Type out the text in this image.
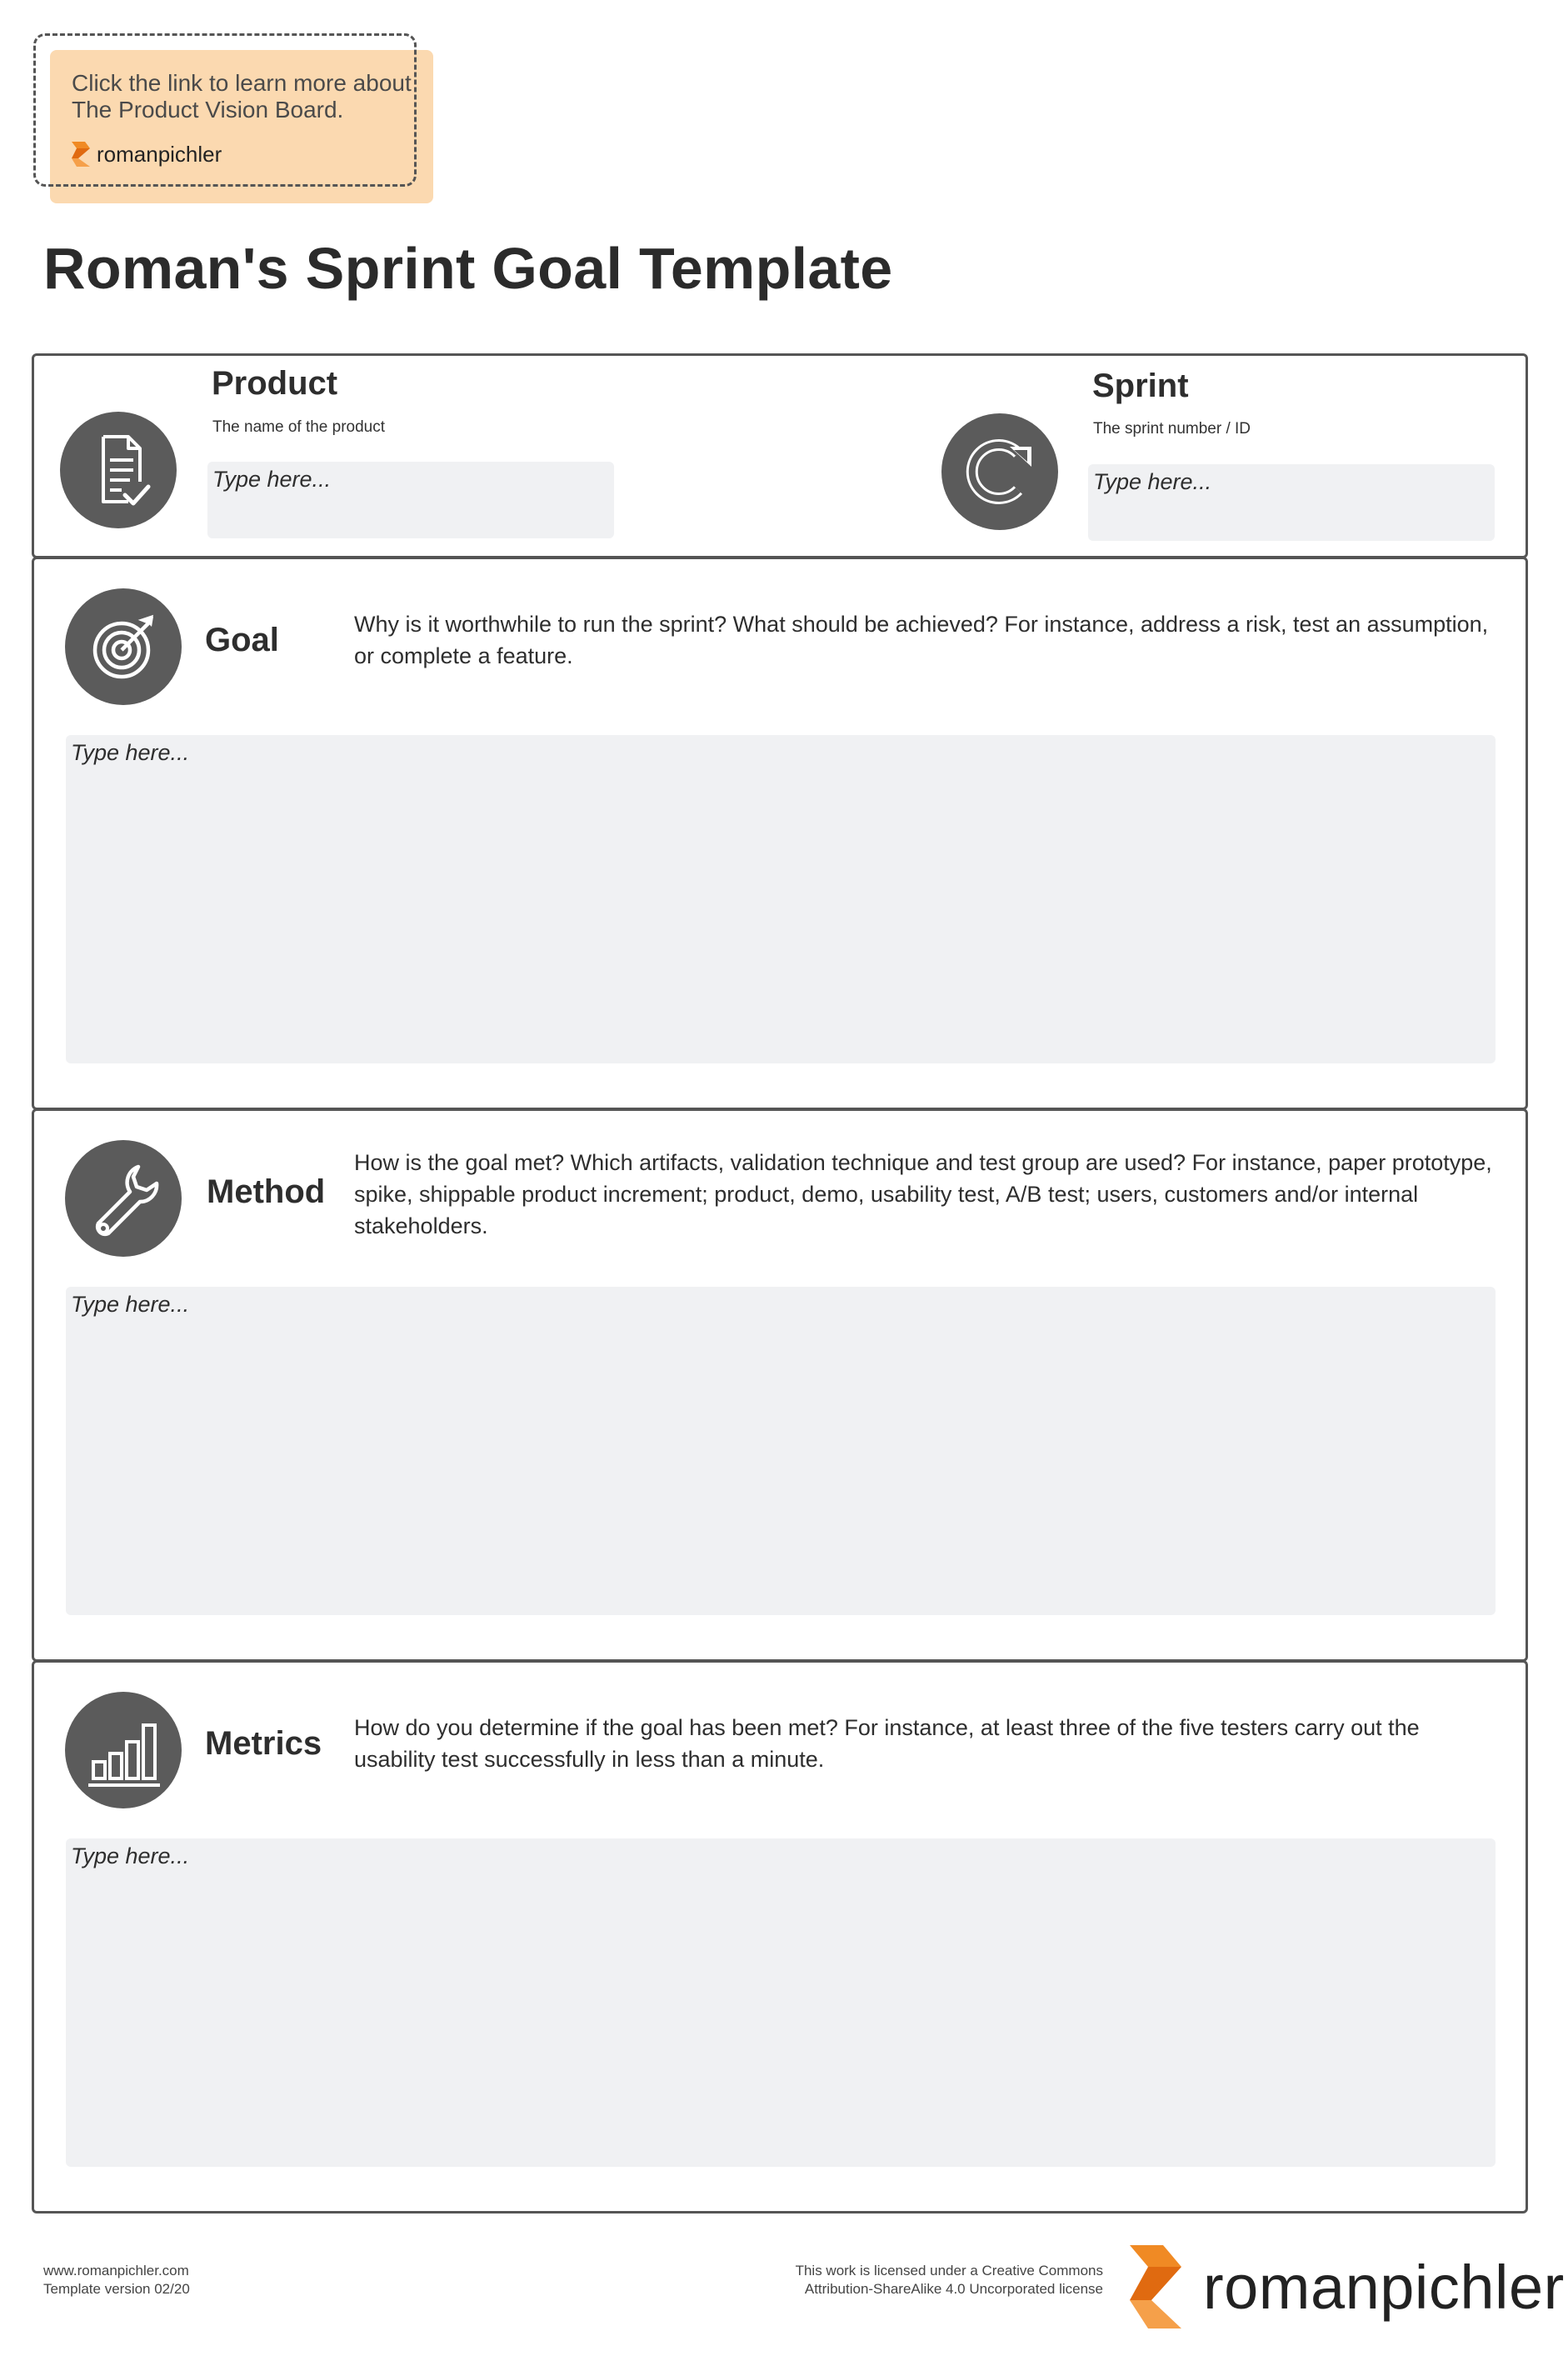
Click the link to learn more about
The Product Vision Board.
romanpichler
Roman's Sprint Goal Template
Product
The name of the product
Type here...
Sprint
The sprint number / ID
Type here...
Goal	Why is it worthwhile to run the sprint? What should be achieved? For instance, address a risk, test an assumption, or complete a feature.
Type here...
Method
How is the goal met? Which artifacts, validation technique and test group are used? For instance, paper prototype, spike, shippable product increment; product, demo, usability test, A/B test; users, customers and/or internal stakeholders.
Type here...
Metrics How do you determine if the goal has been met? For instance, at least three of the five testers carry out the usability test successfully in less than a minute.
Type here...
www.romanpichler.com
Template version 02/20
This work is licensed under a Creative Commons
Attribution-ShareAlike 4.0 Uncorporated license romanpichler
